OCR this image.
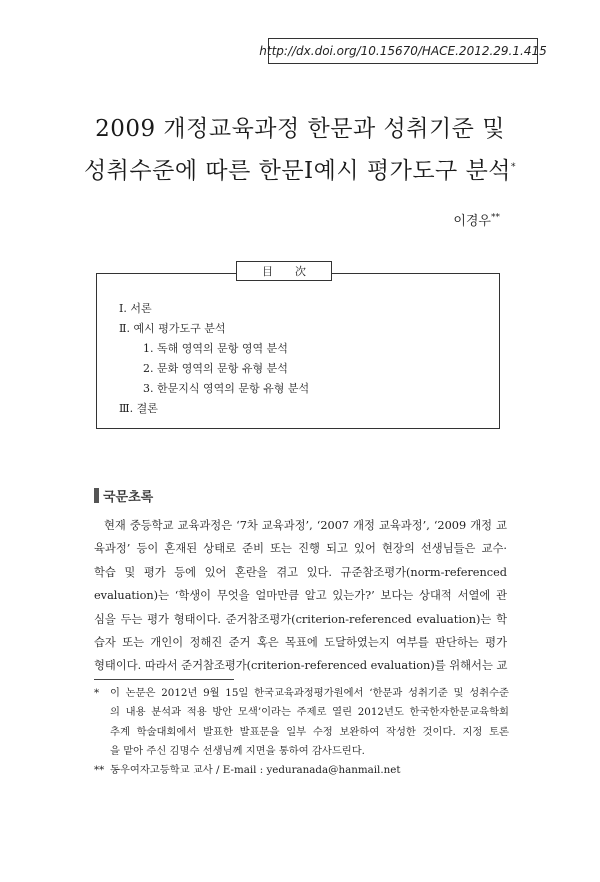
http://dx.doi.org/10.15670/HACE.2012.29.1.415
2009 개정교육과정 한문과 성취기준 및
성취수준에 따른 한문Ⅰ예시 평가도구 분석*
이경우**
目次
Ⅰ. 서론
Ⅱ. 예시 평가도구 분석
1. 독해 영역의 문항 영역 분석
2. 문화 영역의 문항 유형 분석
3. 한문지식 영역의 문항 유형 분석
Ⅲ. 결론
국문초록
현재 중등학교 교육과정은 ‘7차 교육과정’, ‘2007 개정 교육과정’, ‘2009 개정 교
육과정’ 등이 혼재된 상태로 준비 또는 진행 되고 있어 현장의 선생님들은 교수·
학습 및 평가 등에 있어 혼란을 겪고 있다. 규준참조평가(norm-referenced
evaluation)는 ‘학생이 무엇을 얼마만큼 알고 있는가?’ 보다는 상대적 서열에 관
심을 두는 평가 형태이다. 준거참조평가(criterion-referenced evaluation)는 학
습자 또는 개인이 정해진 준거 혹은 목표에 도달하였는지 여부를 판단하는 평가
형태이다. 따라서 준거참조평가(criterion-referenced evaluation)를 위해서는 교
* 이 논문은 2012년 9월 15일 한국교육과정평가원에서 ‘한문과 성취기준 및 성취수준
의 내용 분석과 적용 방안 모색’이라는 주제로 열린 2012년도 한국한자한문교육학회
추계 학술대회에서 발표한 발표문을 일부 수정 보완하여 작성한 것이다. 지정 토론
을 맡아 주신 김명수 선생님께 지면을 통하여 감사드린다.
** 동우여자고등학교 교사 / E-mail : yeduranada@hanmail.net
